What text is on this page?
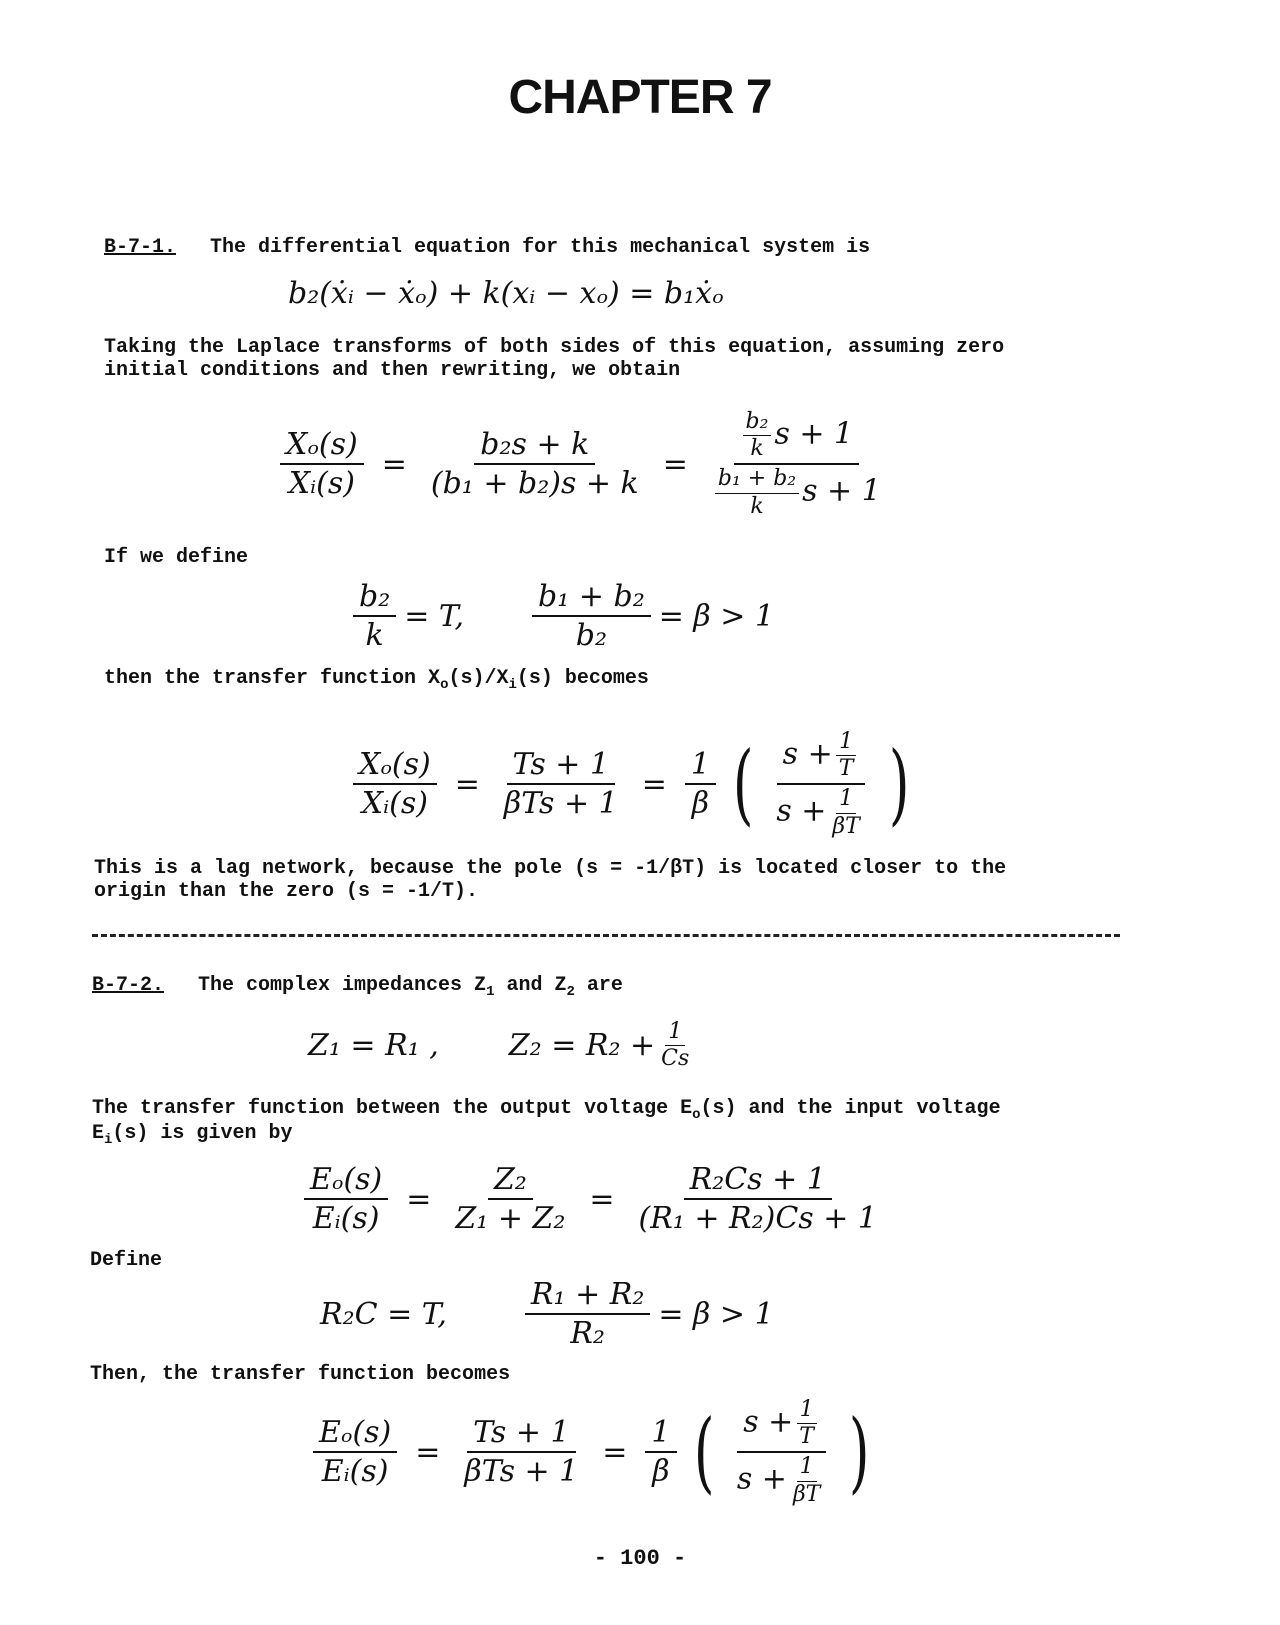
CHAPTER 7
B-7-1. The differential equation for this mechanical system is
b₂(ẋᵢ − ẋₒ) + k(xᵢ − xₒ) = b₁ẋₒ
Taking the Laplace transforms of both sides of this equation, assuming zero
initial conditions and then rewriting, we obtain
$\frac{\text{Xₒ(s)}}{\text{Xᵢ(s)}} = \frac{\text{b₂s + k}}{\text{(b₁ + b₂)s + k}} = \frac{\frac{\text{b₂}}{k} s + 1}{\frac{\text{b₁ + b₂}}{k} s + 1}$
If we define
$\frac{\text{b₂}}{k} = T$, $\frac{\text{b₁ + b₂}}{\text{b₂}} = \beta > 1$
then the transfer function $X_o(s)/X_i(s)$ becomes
$\frac{\text{Xₒ(s)}}{\text{Xᵢ(s)}} = \frac{Ts + 1}{\text{βTs + 1}} = \frac{1}{\beta}$ ( $\frac{s + \frac{1}{T}}{s + \frac{1}{\beta T}}$ )
This is a lag network, because the pole (s = -1/βT) is located closer to the
origin than the zero (s = -1/T).
B-7-2. The complex impedances $Z_1$ and $Z_2$ are
Z₁ = R₁ , $Z_2 = R_2 + \frac{1}{Cs}$
The transfer function between the output voltage $E_o(s)$ and the input voltage
$E_i(s)$ is given by
$\frac{\text{Eₒ(s)}}{\text{Eᵢ(s)}} = \frac{\text{Z₂}}{\text{Z₁ + Z₂}} = \frac{\text{R₂Cs + 1}}{\text{(R₁ + R₂)Cs + 1}}$
Define
R₂C = T,	$\frac{\text{R₁ + R₂}}{\text{R₂}} = \beta > 1$
Then, the transfer function becomes
$\frac{\text{Eₒ(s)}}{\text{Eᵢ(s)}} = \frac{Ts + 1}{\text{βTs + 1}} = \frac{1}{\beta}$ ( $\frac{s + \frac{1}{T}}{s + \frac{1}{\beta T}}$ )
- 100 -
